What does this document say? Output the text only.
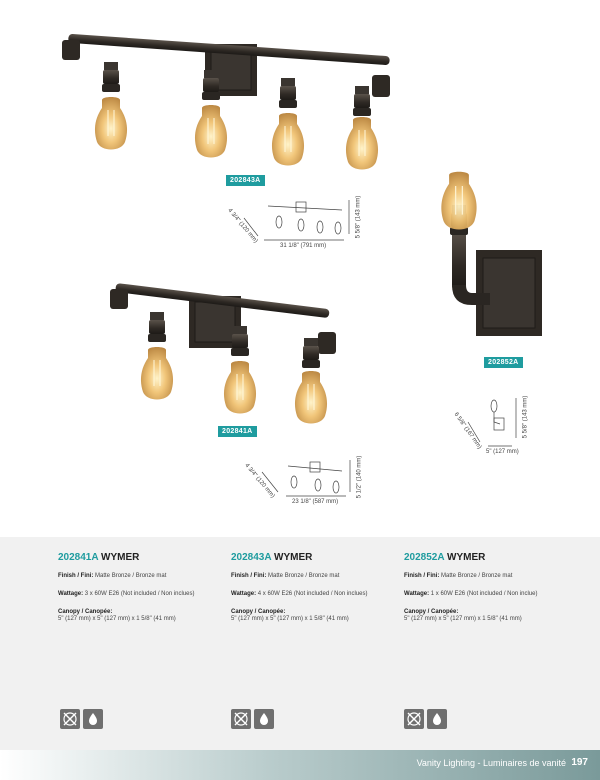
202843A
202841A
202852A
31 1/8" (791 mm)
5 5/8" (143 mm)
4 3/4" (120 mm)
23 1/8" (587 mm)
5 1/2" (140 mm)
4 3/4" (120 mm)
5" (127 mm)
5 5/8" (143 mm)
6 5/8" (167 mm)
202841A WYMER
Finish / Fini: Matte Bronze / Bronze mat
Wattage: 3 x 60W E26 (Not included / Non inclues)
Canopy / Canopée:
5" (127 mm) x 5" (127 mm) x 1 5/8" (41 mm)
202843A WYMER
Finish / Fini: Matte Bronze / Bronze mat
Wattage: 4 x 60W E26 (Not included / Non inclues)
Canopy / Canopée:
5" (127 mm) x 5" (127 mm) x 1 5/8" (41 mm)
202852A WYMER
Finish / Fini: Matte Bronze / Bronze mat
Wattage: 1 x 60W E26 (Not included / Non inclue)
Canopy / Canopée:
5" (127 mm) x 5" (127 mm) x 1 5/8" (41 mm)
Vanity Lighting - Luminaires de vanité 197
